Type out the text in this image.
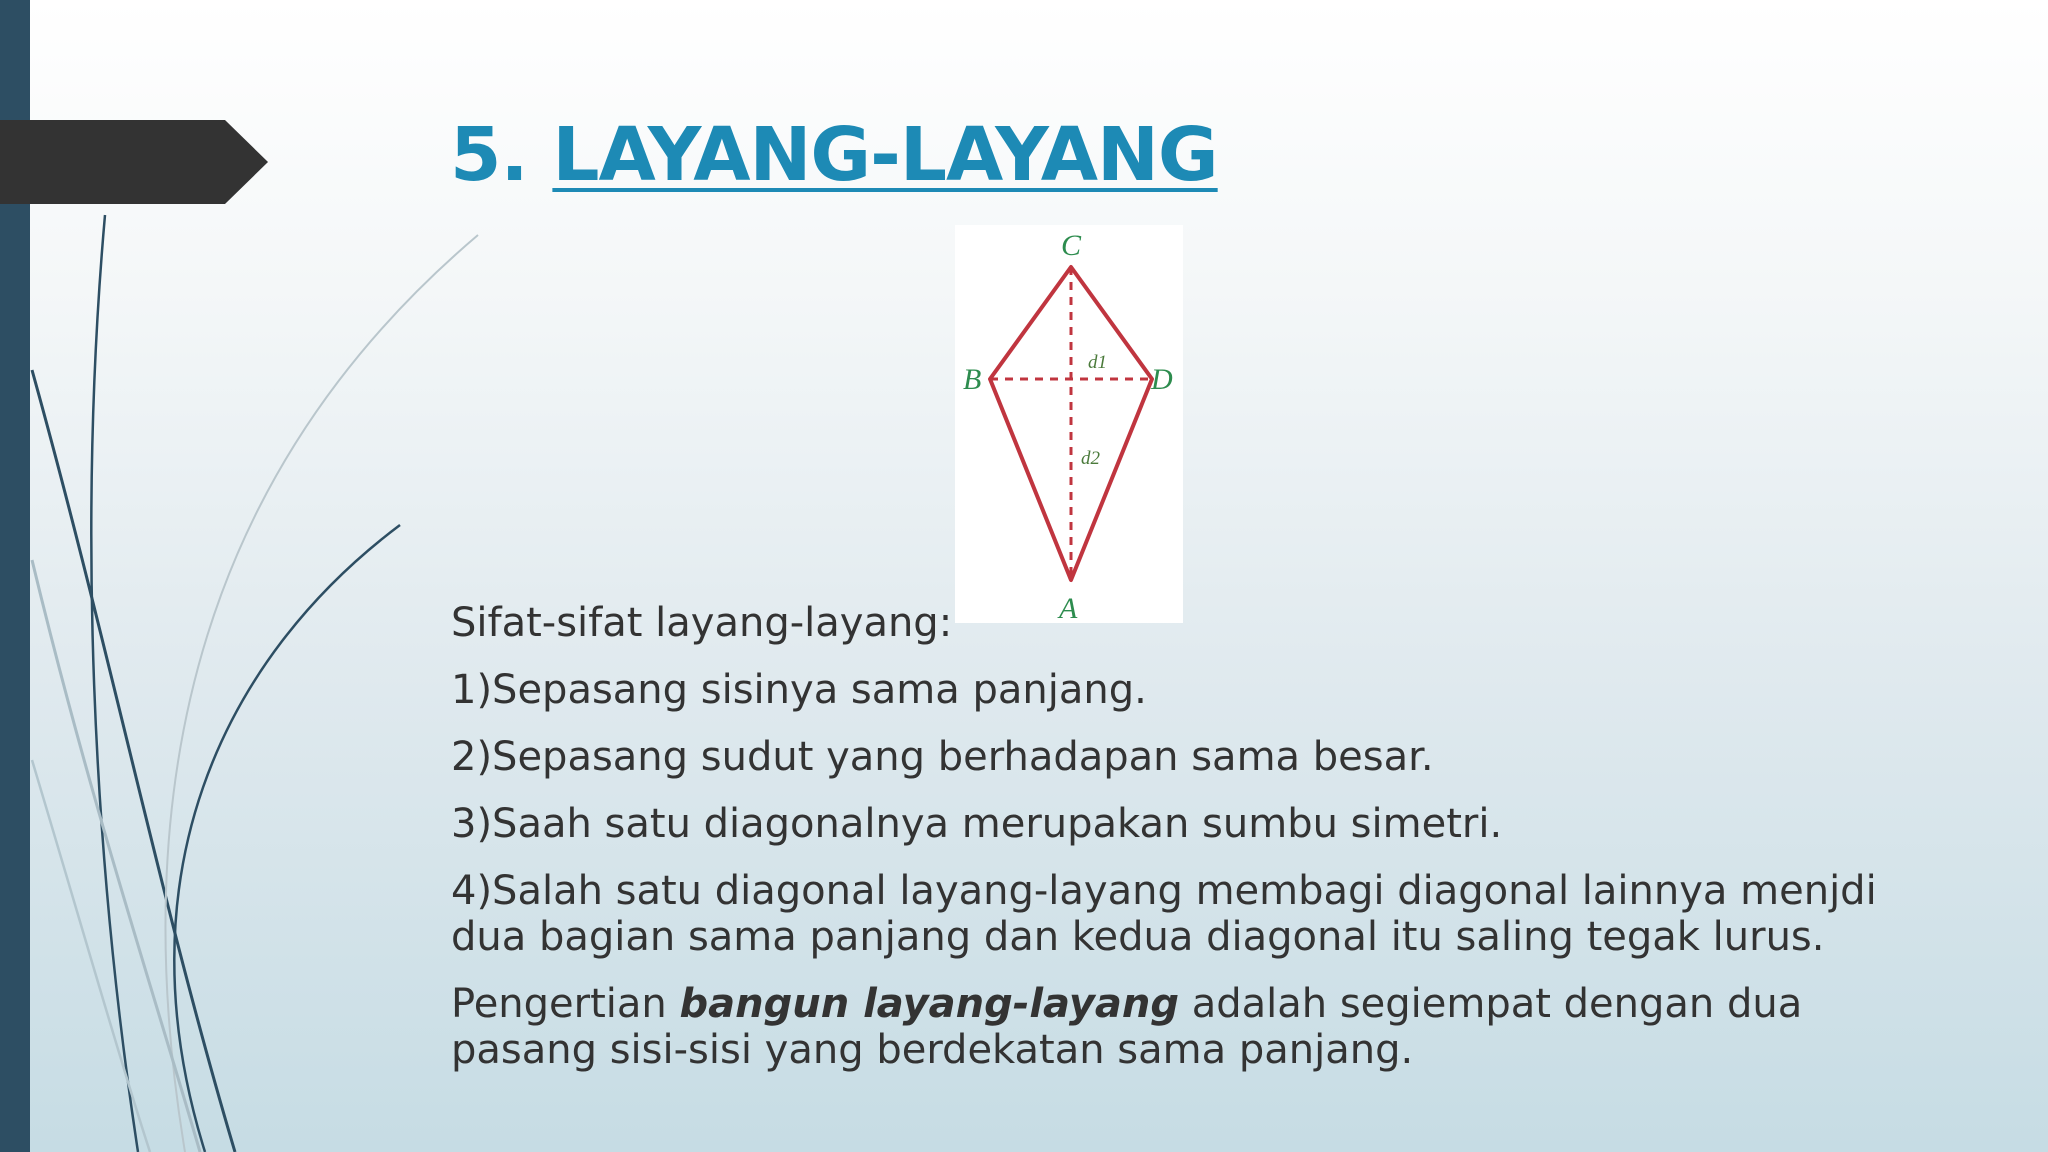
5. LAYANG-LAYANG
C
B	D
A
d1
d2

Sifat-sifat layang-layang:

1)Sepasang sisinya sama panjang.

2)Sepasang sudut yang berhadapan sama besar.

3)Saah satu diagonalnya merupakan sumbu simetri.

4)Salah satu diagonal layang-layang membagi diagonal lainnya menjdi dua bagian sama panjang dan kedua diagonal itu saling tegak lurus.

Pengertian bangun layang-layang adalah segiempat dengan dua pasang sisi-sisi yang berdekatan sama panjang.
